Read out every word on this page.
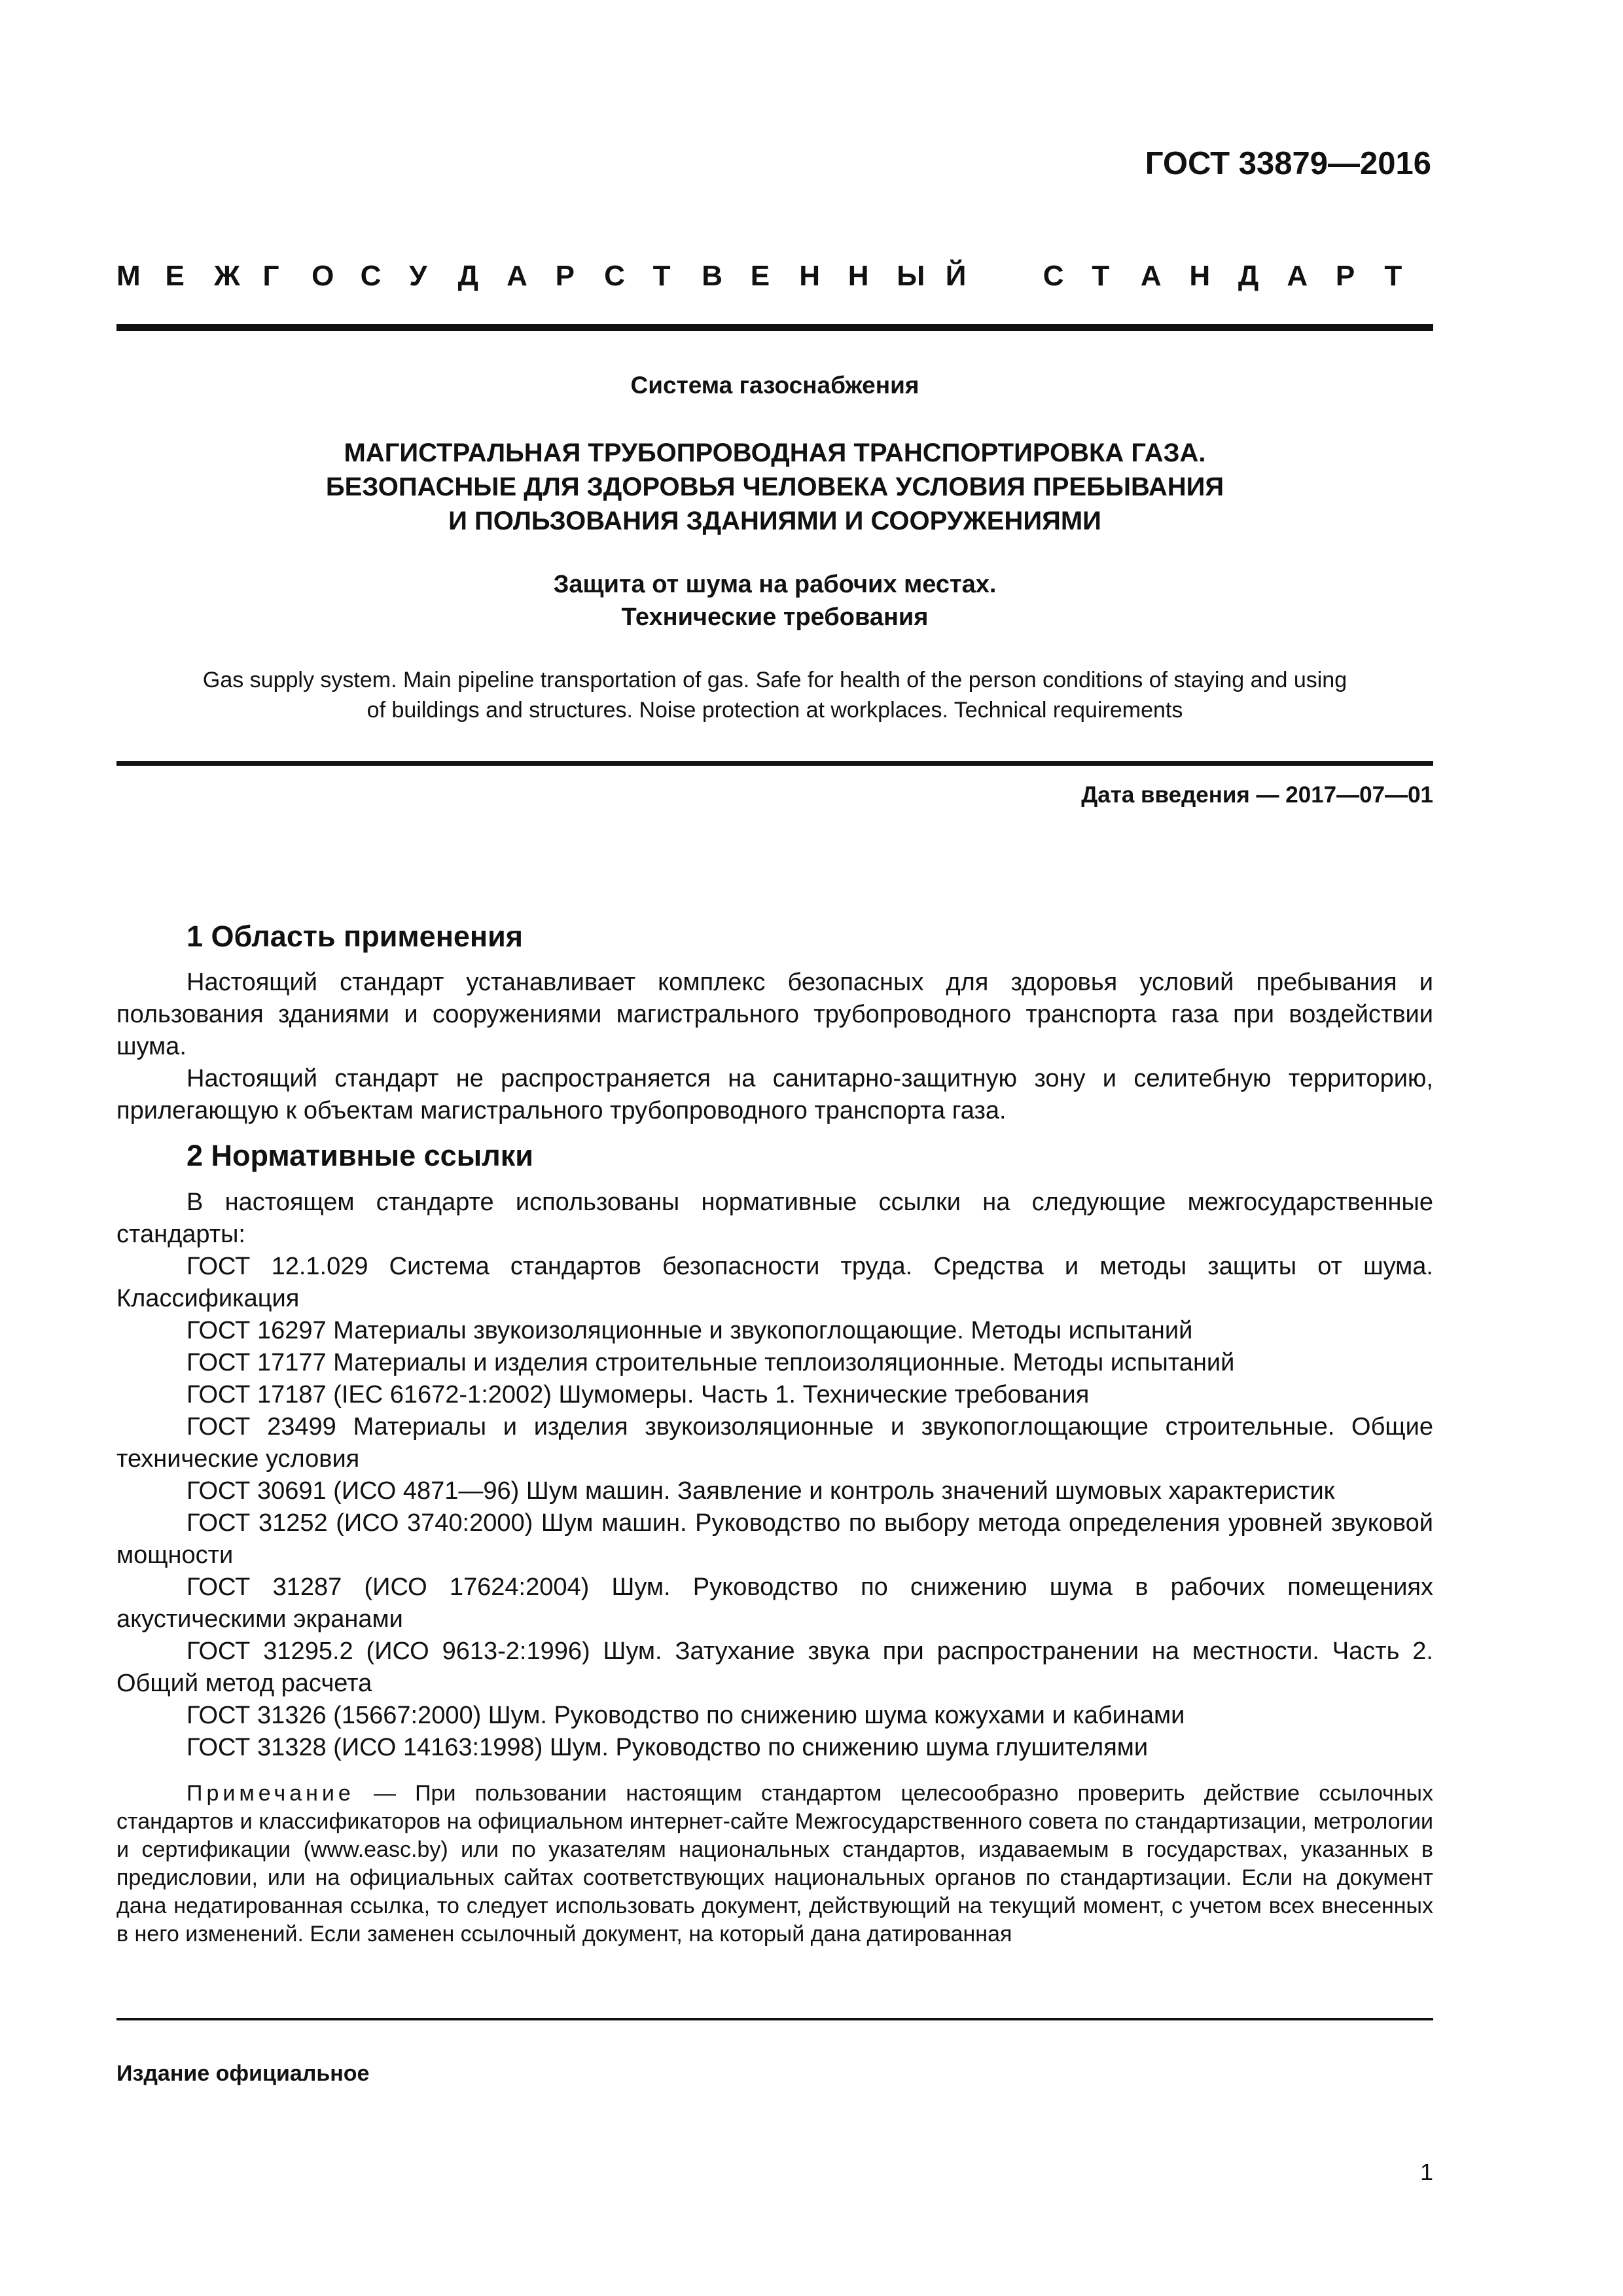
ГОСТ 33879—2016
М Е	Ж Г	О С У	Д А Р	С Т	В Е	Н Н Ы Й
	С Т	А Н Д А Р	Т
Система газоснабжения
МАГИСТРАЛЬНАЯ ТРУБОПРОВОДНАЯ ТРАНСПОРТИРОВКА ГАЗА.
БЕЗОПАСНЫЕ ДЛЯ ЗДОРОВЬЯ ЧЕЛОВЕКА УСЛОВИЯ ПРЕБЫВАНИЯ
И ПОЛЬЗОВАНИЯ ЗДАНИЯМИ И СООРУЖЕНИЯМИ
Защита от шума на рабочих местах.
Технические требования
Gas supply system. Main pipeline transportation of gas. Safe for health of the person conditions of staying and using
of buildings and structures. Noise protection at workplaces. Technical requirements
Дата введения — 2017—07—01
1 Область применения

Настоящий стандарт устанавливает комплекс безопасных для здоровья условий пребывания и пользования зданиями и сооружениями магистрального трубопроводного транспорта газа при воздействии шума.

Настоящий стандарт не распространяется на санитарно-защитную зону и селитебную территорию, прилегающую к объектам магистрального трубопроводного транспорта газа.

2 Нормативные ссылки

В настоящем стандарте использованы нормативные ссылки на следующие межгосударственные стандарты:

ГОСТ 12.1.029 Система стандартов безопасности труда. Средства и методы защиты от шума. Классификация

ГОСТ 16297 Материалы звукоизоляционные и звукопоглощающие. Методы испытаний

ГОСТ 17177 Материалы и изделия строительные теплоизоляционные. Методы испытаний

ГОСТ 17187 (IEC 61672-1:2002) Шумомеры. Часть 1. Технические требования

ГОСТ 23499 Материалы и изделия звукоизоляционные и звукопоглощающие строительные. Общие технические условия

ГОСТ 30691 (ИСО 4871—96) Шум машин. Заявление и контроль значений шумовых характеристик

ГОСТ 31252 (ИСО 3740:2000) Шум машин. Руководство по выбору метода определения уровней звуковой мощности

ГОСТ 31287 (ИСО 17624:2004) Шум. Руководство по снижению шума в рабочих помещениях акустическими экранами

ГОСТ 31295.2 (ИСО 9613-2:1996) Шум. Затухание звука при распространении на местности. Часть 2. Общий метод расчета

ГОСТ 31326 (15667:2000) Шум. Руководство по снижению шума кожухами и кабинами

ГОСТ 31328 (ИСО 14163:1998) Шум. Руководство по снижению шума глушителями

Примечание — При пользовании настоящим стандартом целесообразно проверить действие ссылочных стандартов и классификаторов на официальном интернет-сайте Межгосударственного совета по стандартизации, метрологии и сертификации (www.easc.by) или по указателям национальных стандартов, издаваемым в государствах, указанных в предисловии, или на официальных сайтах соответствующих национальных органов по стандартизации. Если на документ дана недатированная ссылка, то следует использовать документ, действующий на текущий момент, с учетом всех внесенных в него изменений. Если заменен ссылочный документ, на который дана датированная

Издание официальное
1
